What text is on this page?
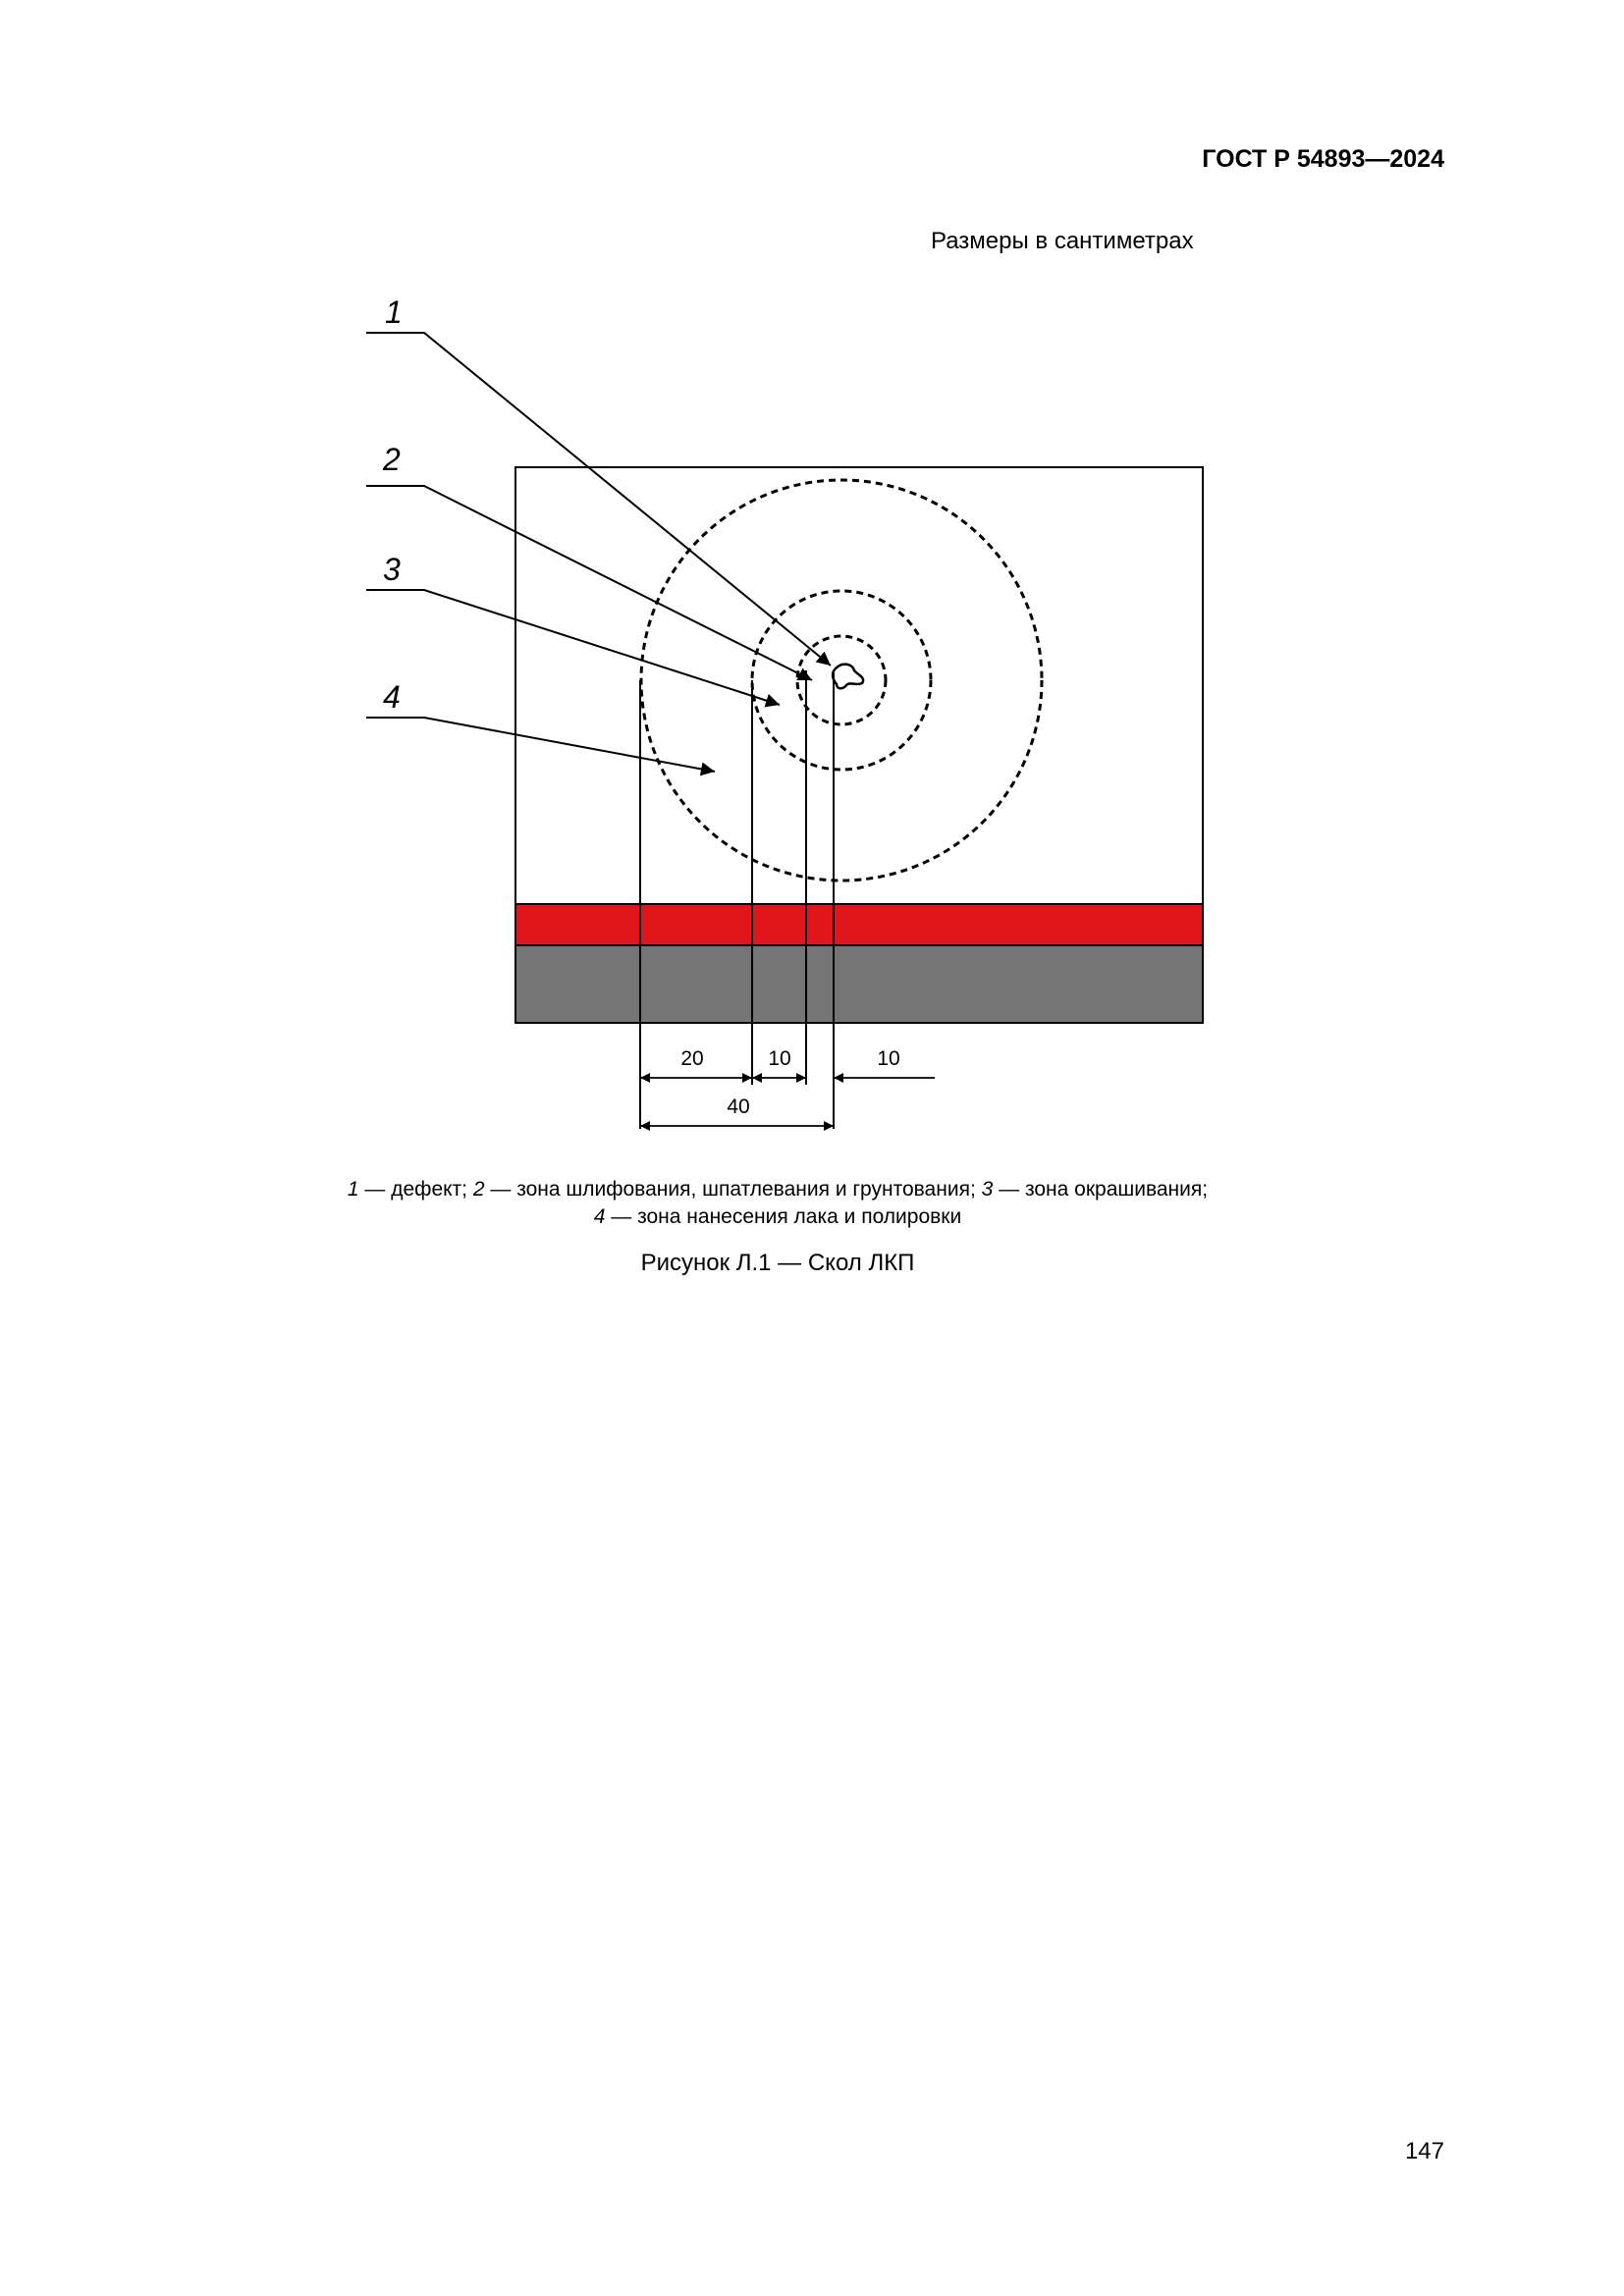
ГОСТ Р 54893—2024
Размеры в сантиметрах
20	10	10
40
1
2
3
4
1 — дефект; 2 — зона шлифования, шпатлевания и грунтования; 3 — зона окрашивания;
4 — зона нанесения лака и полировки
Рисунок Л.1 — Скол ЛКП
147
